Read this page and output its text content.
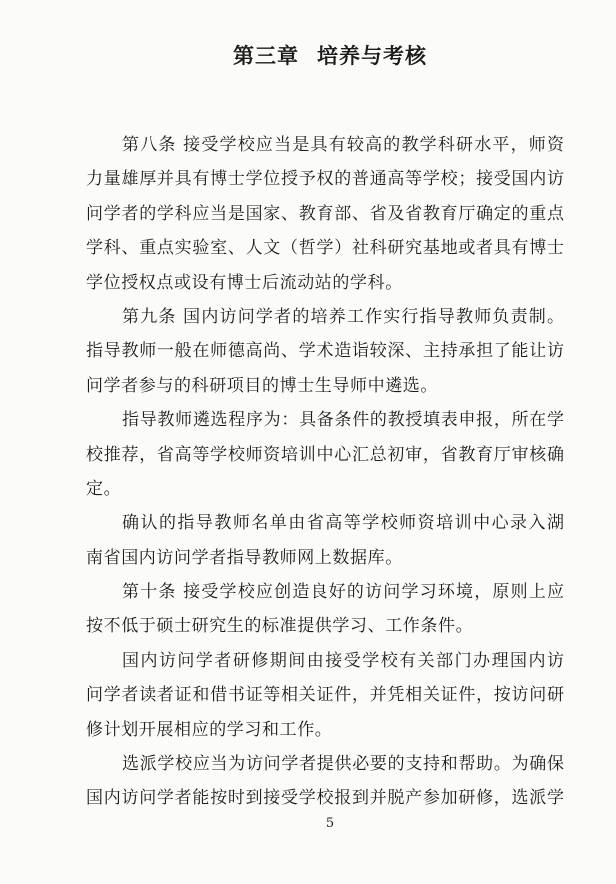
第三章 培养与考核
第八条 接受学校应当是具有较高的教学科研水平，师资
力量雄厚并具有博士学位授予权的普通高等学校；接受国内访
问学者的学科应当是国家、教育部、省及省教育厅确定的重点
学科、重点实验室、人文（哲学）社科研究基地或者具有博士
学位授权点或设有博士后流动站的学科。
第九条 国内访问学者的培养工作实行指导教师负责制。
指导教师一般在师德高尚、学术造诣较深、主持承担了能让访
问学者参与的科研项目的博士生导师中遴选。
指导教师遴选程序为：具备条件的教授填表申报，所在学
校推荐，省高等学校师资培训中心汇总初审，省教育厅审核确
定。
确认的指导教师名单由省高等学校师资培训中心录入湖
南省国内访问学者指导教师网上数据库。
第十条 接受学校应创造良好的访问学习环境，原则上应
按不低于硕士研究生的标准提供学习、工作条件。
国内访问学者研修期间由接受学校有关部门办理国内访
问学者读者证和借书证等相关证件，并凭相关证件，按访问研
修计划开展相应的学习和工作。
选派学校应当为访问学者提供必要的支持和帮助。为确保
国内访问学者能按时到接受学校报到并脱产参加研修，选派学
5
